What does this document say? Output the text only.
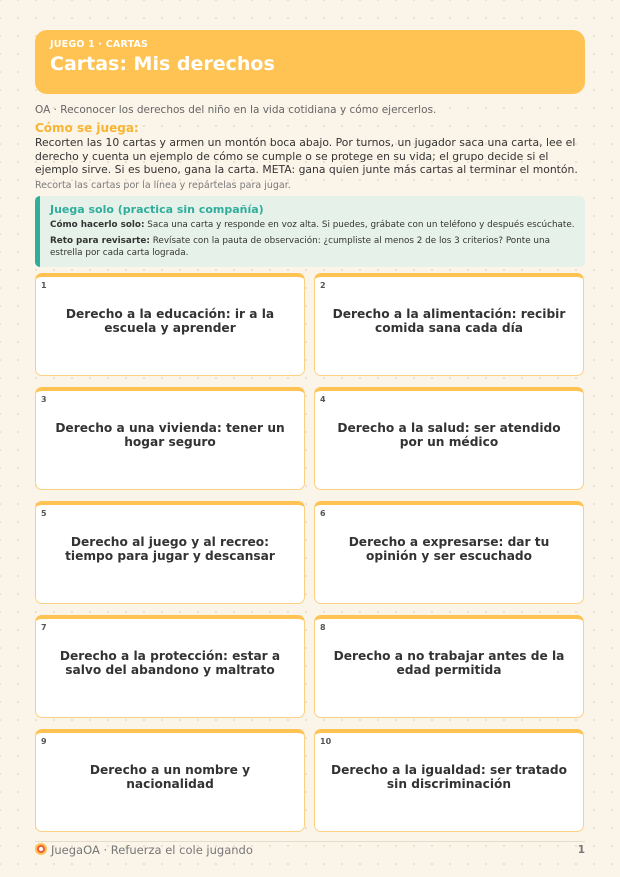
JUEGO 1 · CARTAS
Cartas: Mis derechos
OA · Reconocer los derechos del niño en la vida cotidiana y cómo ejercerlos.
Cómo se juega:
Recorten las 10 cartas y armen un montón boca abajo. Por turnos, un jugador saca una carta, lee el derecho y cuenta un ejemplo de cómo se cumple o se protege en su vida; el grupo decide si el ejemplo sirve. Si es bueno, gana la carta. META: gana quien junte más cartas al terminar el montón.
Recorta las cartas por la línea y repártelas para jugar.
Juega solo (practica sin compañía)
Cómo hacerlo solo: Saca una carta y responde en voz alta. Si puedes, grábate con un teléfono y después escúchate.
Reto para revisarte: Revísate con la pauta de observación: ¿cumpliste al menos 2 de los 3 criterios? Ponte una estrella por cada carta lograda.
1
Derecho a la educación: ir a la escuela y aprender
2
Derecho a la alimentación: recibir comida sana cada día
3
Derecho a una vivienda: tener un hogar seguro
4
Derecho a la salud: ser atendido por un médico
5
Derecho al juego y al recreo: tiempo para jugar y descansar
6
Derecho a expresarse: dar tu opinión y ser escuchado
7
Derecho a la protección: estar a salvo del abandono y maltrato
8
Derecho a no trabajar antes de la edad permitida
9
Derecho a un nombre y nacionalidad
10
Derecho a la igualdad: ser tratado sin discriminación
JuegaOA · Refuerza el cole jugando	1
